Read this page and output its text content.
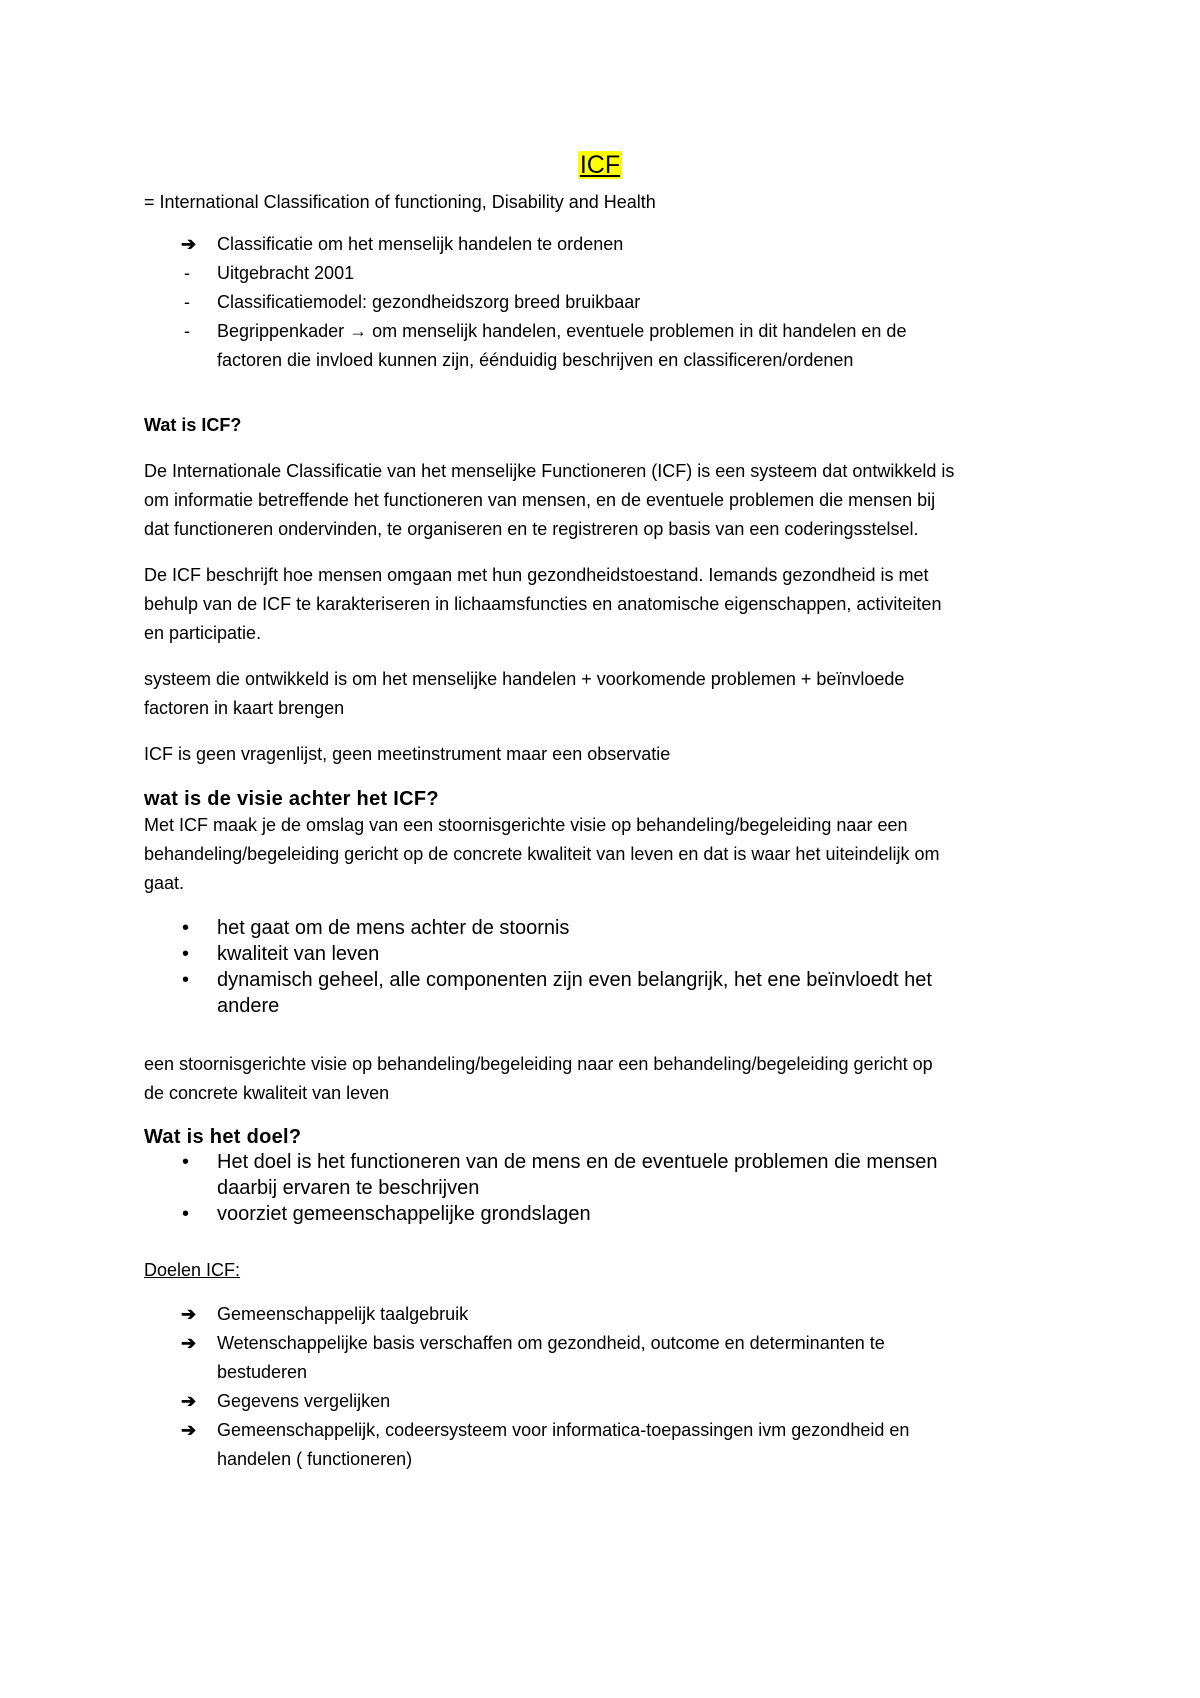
ICF
= International Classification of functioning, Disability and Health
➔	Classificatie om het menselijk handelen te ordenen
-	Uitgebracht 2001
-	Classificatiemodel: gezondheidszorg breed bruikbaar
-	Begrippenkader → om menselijk handelen, eventuele problemen in dit handelen en de
factoren die invloed kunnen zijn, éénduidig beschrijven en classificeren/ordenen
Wat is ICF?
De Internationale Classificatie van het menselijke Functioneren (ICF) is een systeem dat ontwikkeld is
om informatie betreffende het functioneren van mensen, en de eventuele problemen die mensen bij
dat functioneren ondervinden, te organiseren en te registreren op basis van een coderingsstelsel.
De ICF beschrijft hoe mensen omgaan met hun gezondheidstoestand. Iemands gezondheid is met
behulp van de ICF te karakteriseren in lichaamsfuncties en anatomische eigenschappen, activiteiten
en participatie.
systeem die ontwikkeld is om het menselijke handelen + voorkomende problemen + beïnvloede
factoren in kaart brengen
ICF is geen vragenlijst, geen meetinstrument maar een observatie
wat is de visie achter het ICF?
Met ICF maak je de omslag van een stoornisgerichte visie op behandeling/begeleiding naar een
behandeling/begeleiding gericht op de concrete kwaliteit van leven en dat is waar het uiteindelijk om
gaat.
•	het gaat om de mens achter de stoornis
•	kwaliteit van leven
•	dynamisch geheel, alle componenten zijn even belangrijk, het ene beïnvloedt het
andere
een stoornisgerichte visie op behandeling/begeleiding naar een behandeling/begeleiding gericht op
de concrete kwaliteit van leven
Wat is het doel?
•	Het doel is het functioneren van de mens en de eventuele problemen die mensen
daarbij ervaren te beschrijven
•	voorziet gemeenschappelijke grondslagen
Doelen ICF:
➔	Gemeenschappelijk taalgebruik
➔	Wetenschappelijke basis verschaffen om gezondheid, outcome en determinanten te
bestuderen
➔	Gegevens vergelijken
➔	Gemeenschappelijk, codeersysteem voor informatica-toepassingen ivm gezondheid en
handelen ( functioneren)
